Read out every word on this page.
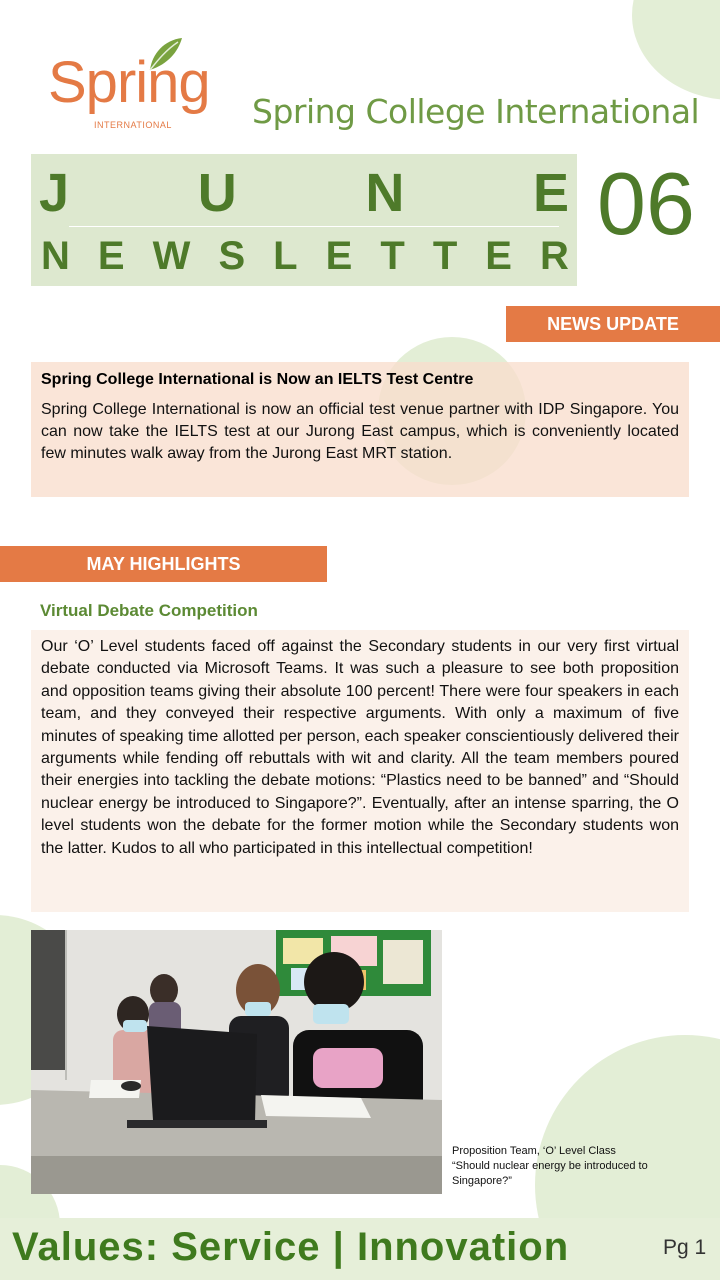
Spring
INTERNATIONAL Spring College International
J U N E
N E W S L E T T E R
06
NEWS UPDATE
Spring College International is Now an IELTS Test Centre
Spring College International is now an official test venue partner with IDP Singapore. You can now take the IELTS test at our Jurong East campus, which is conveniently located few minutes walk away from the Jurong East MRT station.
MAY HIGHLIGHTS
Virtual Debate Competition
Our ‘O’ Level students faced off against the Secondary students in our very first virtual debate conducted via Microsoft Teams. It was such a pleasure to see both proposition and opposition teams giving their absolute 100 percent! There were four speakers in each team, and they conveyed their respective arguments. With only a maximum of five minutes of speaking time allotted per person, each speaker conscientiously delivered their arguments while fending off rebuttals with wit and clarity. All the team members poured their energies into tackling the debate motions: “Plastics need to be banned” and “Should nuclear energy be introduced to Singapore?”. Eventually, after an intense sparring, the O level students won the debate for the former motion while the Secondary students won the latter. Kudos to all who participated in this intellectual competition!
Proposition Team, ‘O’ Level Class
“Should nuclear energy be introduced to Singapore?”
Values: Service | Innovation	Pg 1
